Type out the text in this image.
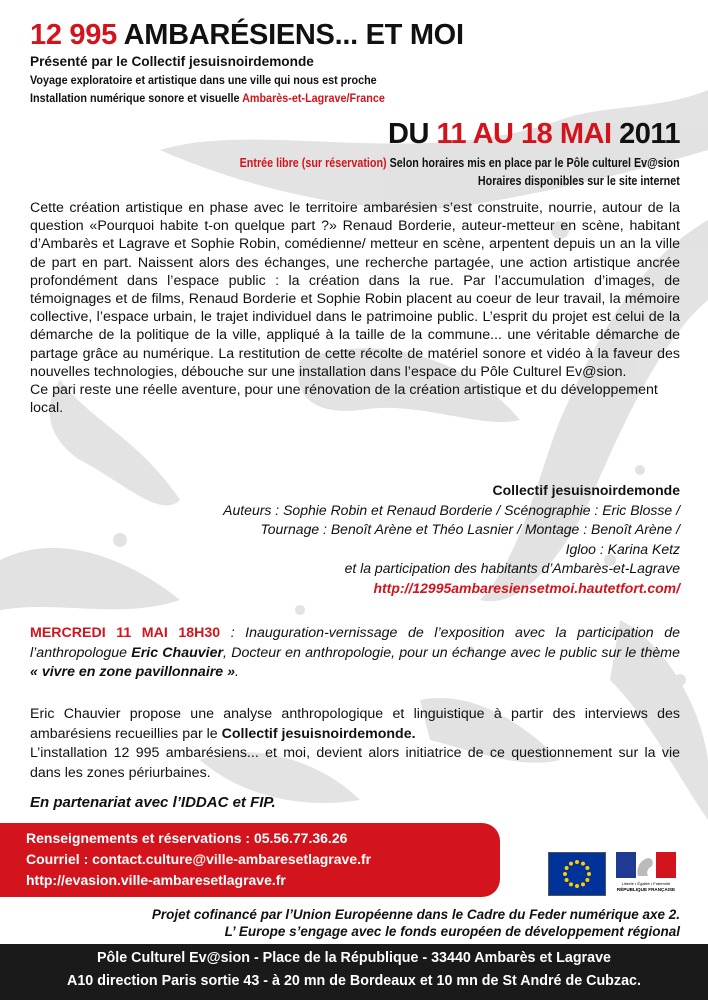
12 995 AMBARÉSIENS... ET MOI
Présenté par le Collectif jesuisnoirdemonde
Voyage exploratoire et artistique dans une ville qui nous est proche
Installation numérique sonore et visuelle Ambarès-et-Lagrave/France
DU 11 AU 18 MAI 2011
Entrée libre (sur réservation) Selon horaires mis en place par le Pôle culturel Ev@sion
Horaires disponibles sur le site internet

Cette création artistique en phase avec le territoire ambarésien s’est construite, nourrie, autour de la question «Pourquoi habite t-on quelque part ?» Renaud Borderie, auteur-metteur en scène, habitant d’Ambarès et Lagrave et Sophie Robin, comédienne/ metteur en scène, arpentent depuis un an la ville de part en part. Naissent alors des échanges, une recherche partagée, une action artistique ancrée profondément dans l’espace public : la création dans la rue. Par l’accumulation d’images, de témoignages et de films, Renaud Borderie et Sophie Robin placent au coeur de leur travail, la mémoire collective, l’espace urbain, le trajet individuel dans le patrimoine public. L’esprit du projet est celui de la démarche de la politique de la ville, appliqué à la taille de la commune... une véritable démarche de partage grâce au numérique. La restitution de cette récolte de matériel sonore et vidéo à la faveur des nouvelles technologies, débouche sur une installation dans l’espace du Pôle Culturel Ev@sion.

Ce pari reste une réelle aventure, pour une rénovation de la création artistique et du développement local.

Collectif jesuisnoirdemonde
Auteurs : Sophie Robin et Renaud Borderie / Scénographie : Eric Blosse /
Tournage : Benoît Arène et Théo Lasnier / Montage : Benoît Arène /
Igloo : Karina Ketz
et la participation des habitants d’Ambarès-et-Lagrave
http://12995ambaresiensetmoi.hautetfort.com/
MERCREDI 11 MAI 18H30 : Inauguration-vernissage de l’exposition avec la participation de l’anthropologue Eric Chauvier, Docteur en anthropologie, pour un échange avec le public sur le thème « vivre en zone pavillonnaire ».
Eric Chauvier propose une analyse anthropologique et linguistique à partir des interviews des ambarésiens recueillies par le Collectif jesuisnoirdemonde.
L’installation 12 995 ambarésiens... et moi, devient alors initiatrice de ce questionnement sur la vie dans les zones périurbaines.
En partenariat avec l’IDDAC et FIP.
Renseignements et réservations : 05.56.77.36.26
Courriel : contact.culture@ville-ambaresetlagrave.fr
http://evasion.ville-ambaresetlagrave.fr	Liberté • Égalité • Fraternité
RÉPUBLIQUE FRANÇAISE
Projet cofinancé par l’Union Européenne dans le Cadre du Feder numérique axe 2.
L’ Europe s’engage avec le fonds européen de développement régional
Pôle Culturel Ev@sion - Place de la République - 33440 Ambarès et Lagrave
A10 direction Paris sortie 43 - à 20 mn de Bordeaux et 10 mn de St André de Cubzac.
